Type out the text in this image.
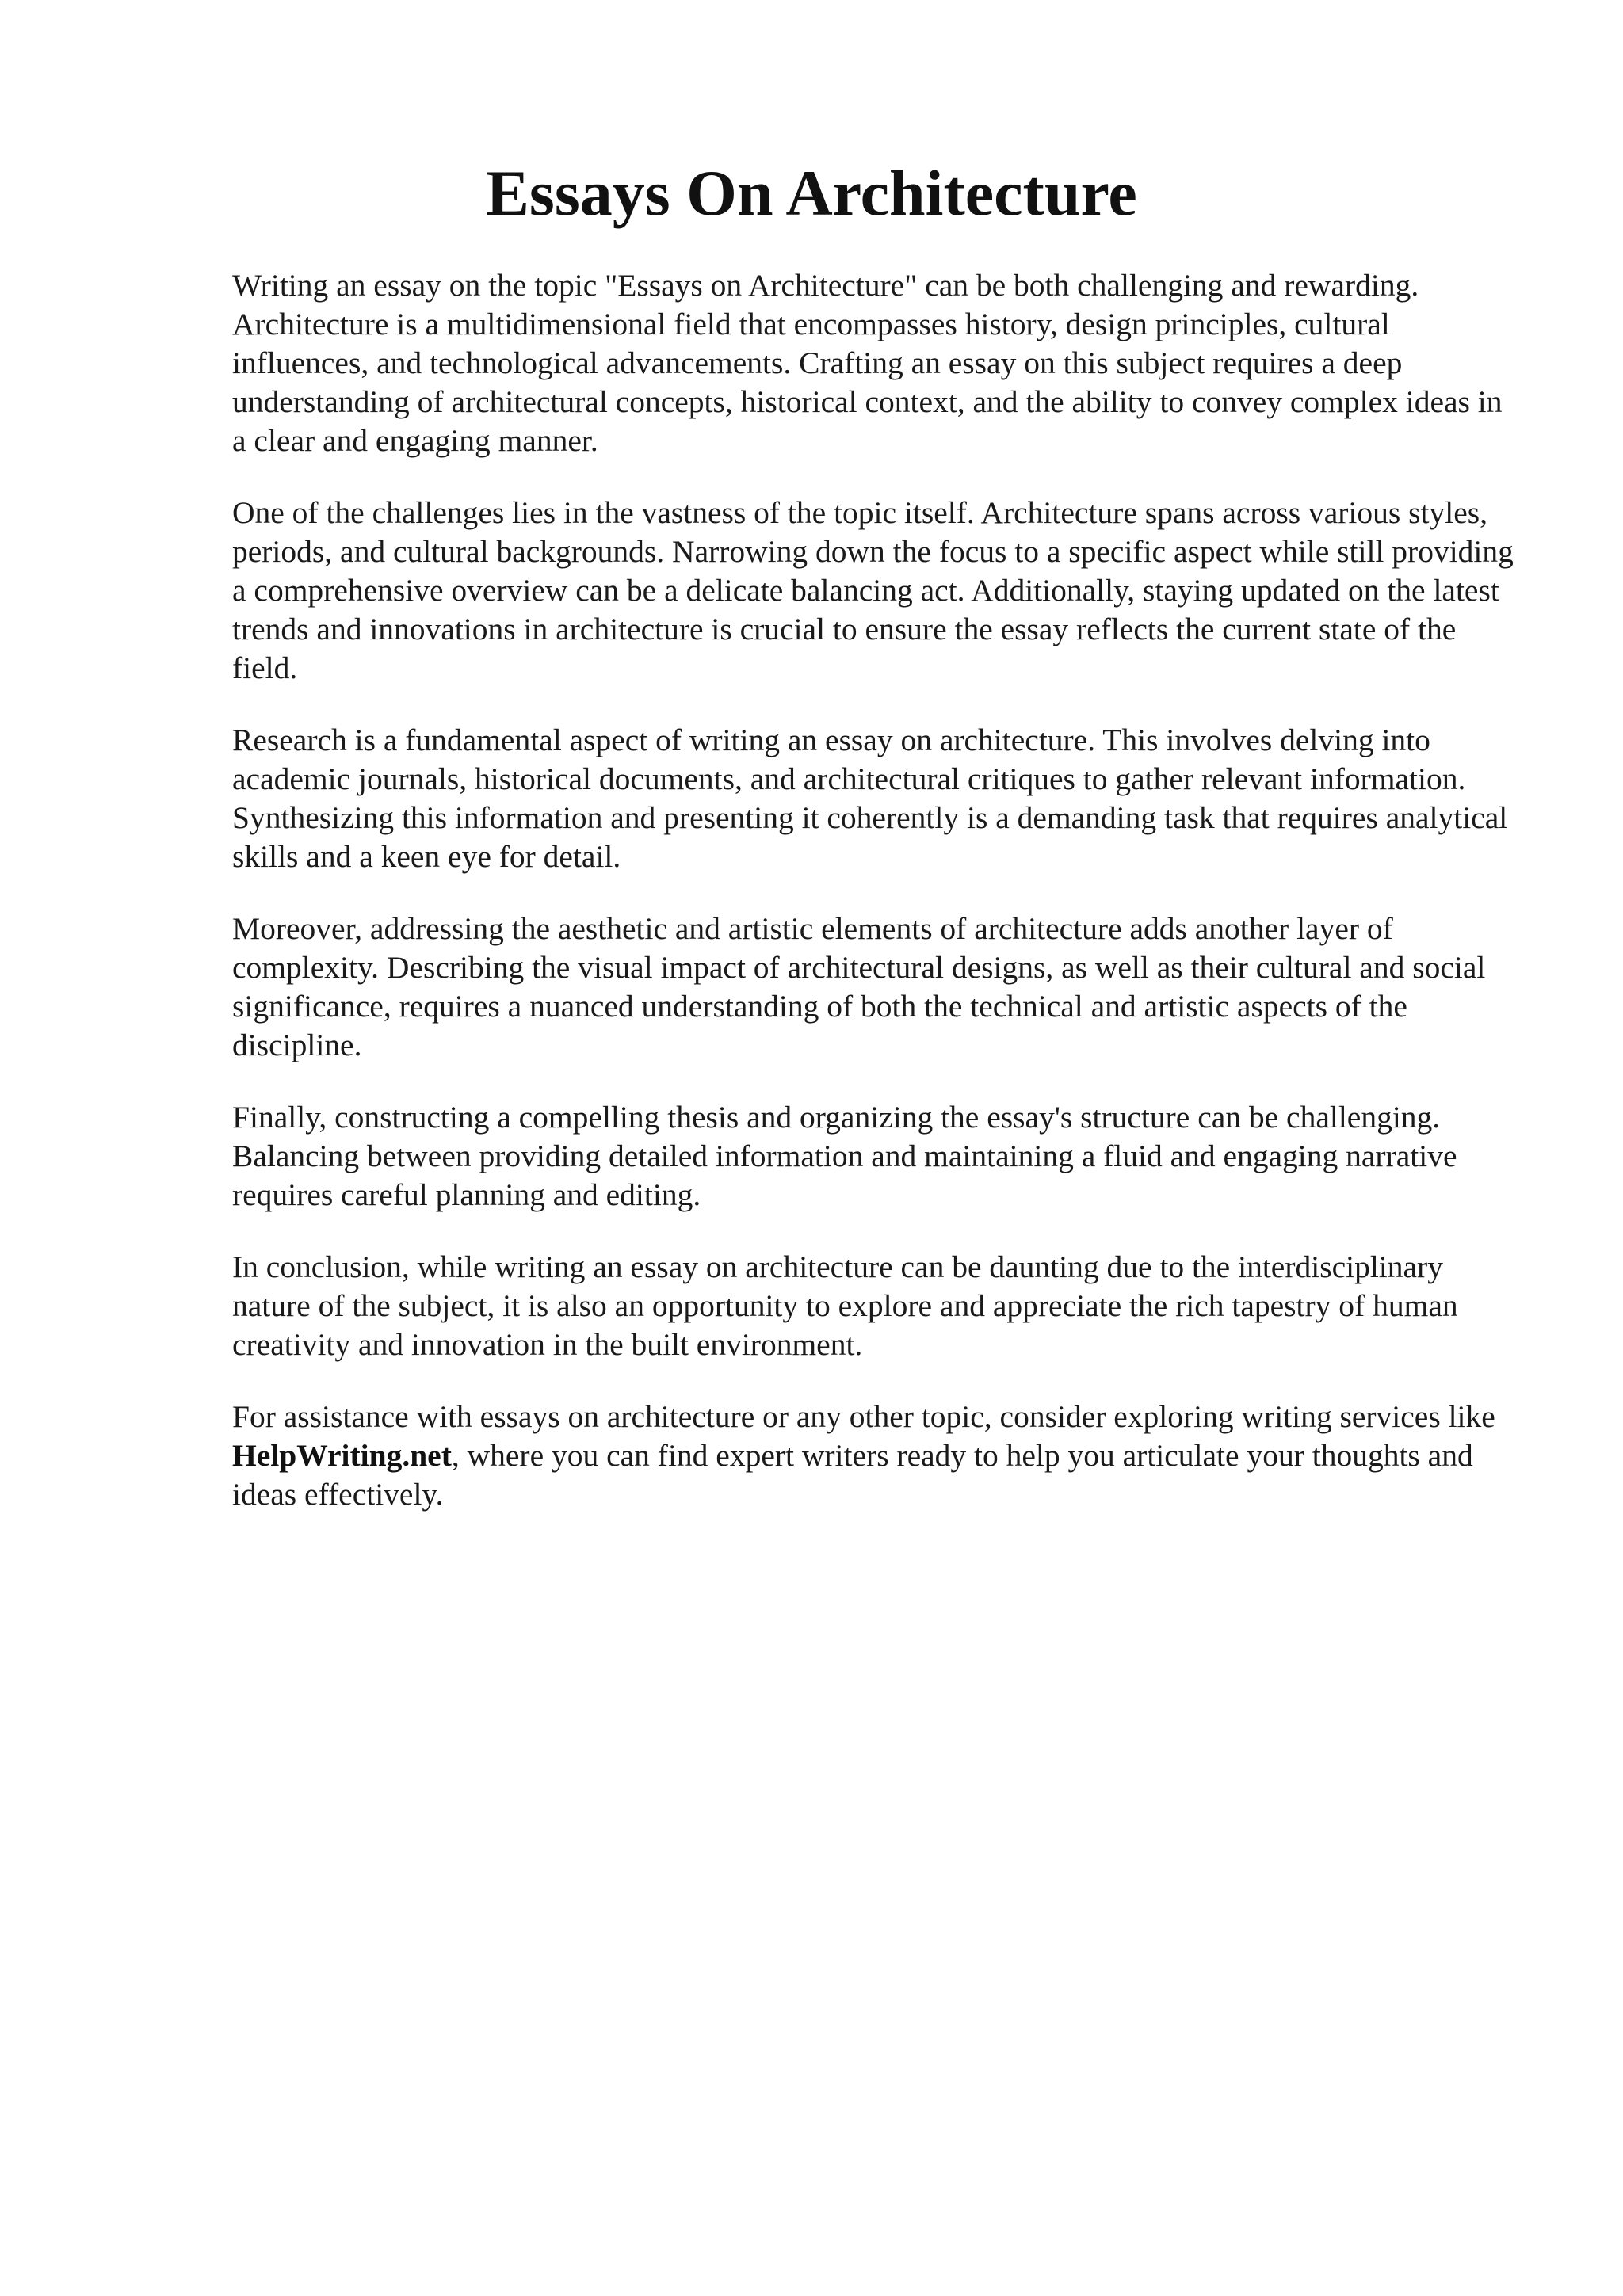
Essays On Architecture

Writing an essay on the topic "Essays on Architecture" can be both challenging and rewarding. Architecture is a multidimensional field that encompasses history, design principles, cultural influences, and technological advancements. Crafting an essay on this subject requires a deep understanding of architectural concepts, historical context, and the ability to convey complex ideas in a clear and engaging manner.

One of the challenges lies in the vastness of the topic itself. Architecture spans across various styles, periods, and cultural backgrounds. Narrowing down the focus to a specific aspect while still providing a comprehensive overview can be a delicate balancing act. Additionally, staying updated on the latest trends and innovations in architecture is crucial to ensure the essay reflects the current state of the field.

Research is a fundamental aspect of writing an essay on architecture. This involves delving into academic journals, historical documents, and architectural critiques to gather relevant information. Synthesizing this information and presenting it coherently is a demanding task that requires analytical skills and a keen eye for detail.

Moreover, addressing the aesthetic and artistic elements of architecture adds another layer of complexity. Describing the visual impact of architectural designs, as well as their cultural and social significance, requires a nuanced understanding of both the technical and artistic aspects of the discipline.

Finally, constructing a compelling thesis and organizing the essay's structure can be challenging. Balancing between providing detailed information and maintaining a fluid and engaging narrative requires careful planning and editing.

In conclusion, while writing an essay on architecture can be daunting due to the interdisciplinary nature of the subject, it is also an opportunity to explore and appreciate the rich tapestry of human creativity and innovation in the built environment.

For assistance with essays on architecture or any other topic, consider exploring writing services like HelpWriting.net, where you can find expert writers ready to help you articulate your thoughts and ideas effectively.
